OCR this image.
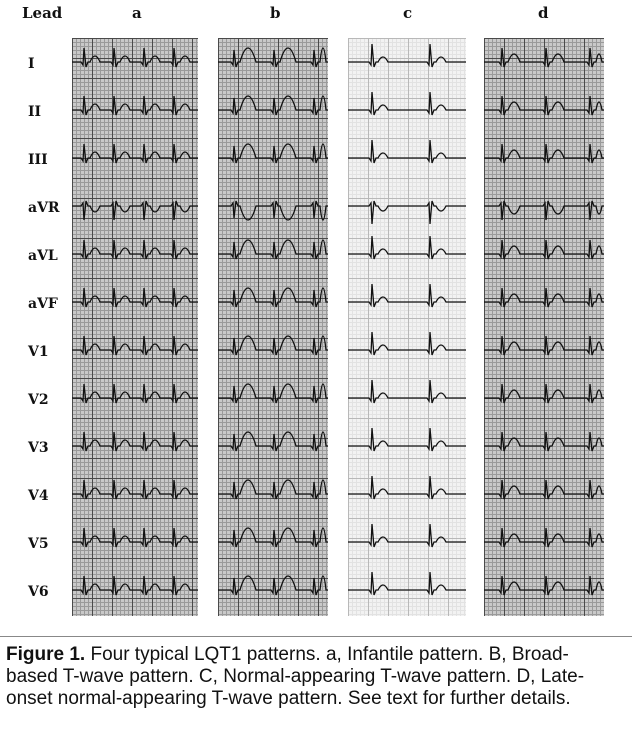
Lead	a	b	c	d
I
II
III
aVR
aVL
aVF
V1
V2
V3
V4
V5
V6
Figure 1. Four typical LQT1 patterns. a, Infantile pattern. B, Broad-based T-wave pattern. C, Normal-appearing T-wave pattern. D, Late-onset normal-appearing T-wave pattern. See text for further details.
